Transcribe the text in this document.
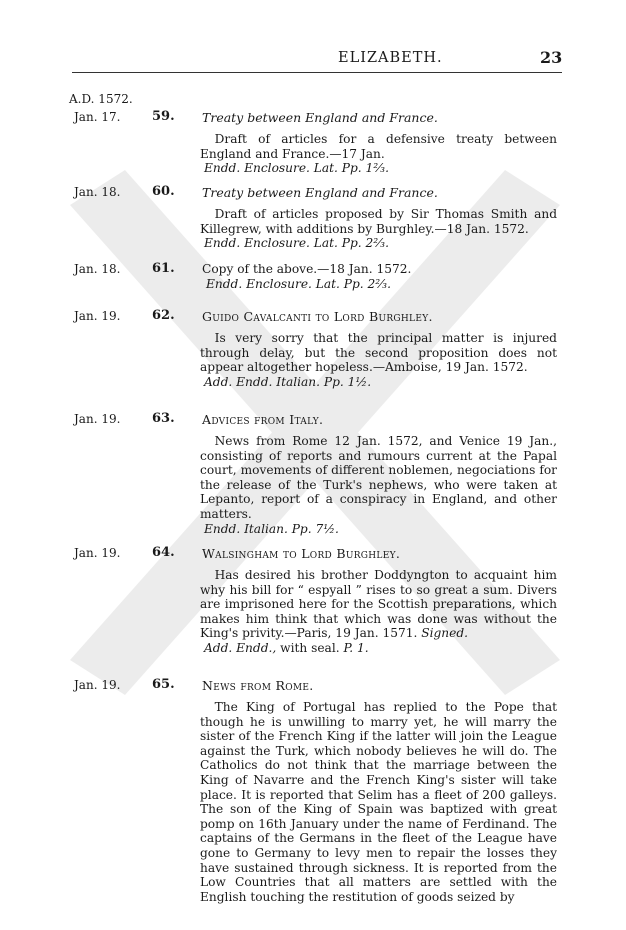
ELIZABETH.	23
A.D. 1572.
Jan. 17. 59. Treaty between England and France.
Draft of articles for a defensive treaty between England and France.—17 Jan.
Endd. Enclosure. Lat. Pp. 1⅔.
Jan. 18. 60. Treaty between England and France.
Draft of articles proposed by Sir Thomas Smith and Killegrew, with additions by Burghley.—18 Jan. 1572.
Endd. Enclosure. Lat. Pp. 2⅔.
Jan. 18. 61. Copy of the above.—18 Jan. 1572.
Endd. Enclosure. Lat. Pp. 2⅔.
Jan. 19. 62. Guido Cavalcanti to Lord Burghley.
Is very sorry that the principal matter is injured through delay, but the second proposition does not appear altogether hopeless.—Amboise, 19 Jan. 1572.
Add. Endd. Italian. Pp. 1½.
Jan. 19. 63. Advices from Italy.
News from Rome 12 Jan. 1572, and Venice 19 Jan., consisting of reports and rumours current at the Papal court, movements of different noblemen, negociations for the release of the Turk's nephews, who were taken at Lepanto, report of a conspiracy in England, and other matters.
Endd. Italian. Pp. 7½.
Jan. 19. 64. Walsingham to Lord Burghley.
Has desired his brother Doddyngton to acquaint him why his bill for “ espyall ” rises to so great a sum. Divers are imprisoned here for the Scottish preparations, which makes him think that which was done was without the King's privity.—Paris, 19 Jan. 1571. Signed.
Add. Endd., with seal. P. 1.
Jan. 19. 65. News from Rome.
The King of Portugal has replied to the Pope that though he is unwilling to marry yet, he will marry the sister of the French King if the latter will join the League against the Turk, which nobody believes he will do. The Catholics do not think that the marriage between the King of Navarre and the French King's sister will take place. It is reported that Selim has a fleet of 200 galleys. The son of the King of Spain was baptized with great pomp on 16th January under the name of Ferdinand. The captains of the Germans in the fleet of the League have gone to Germany to levy men to repair the losses they have sustained through sickness. It is reported from the Low Countries that all matters are settled with the English touching the restitution of goods seized by
